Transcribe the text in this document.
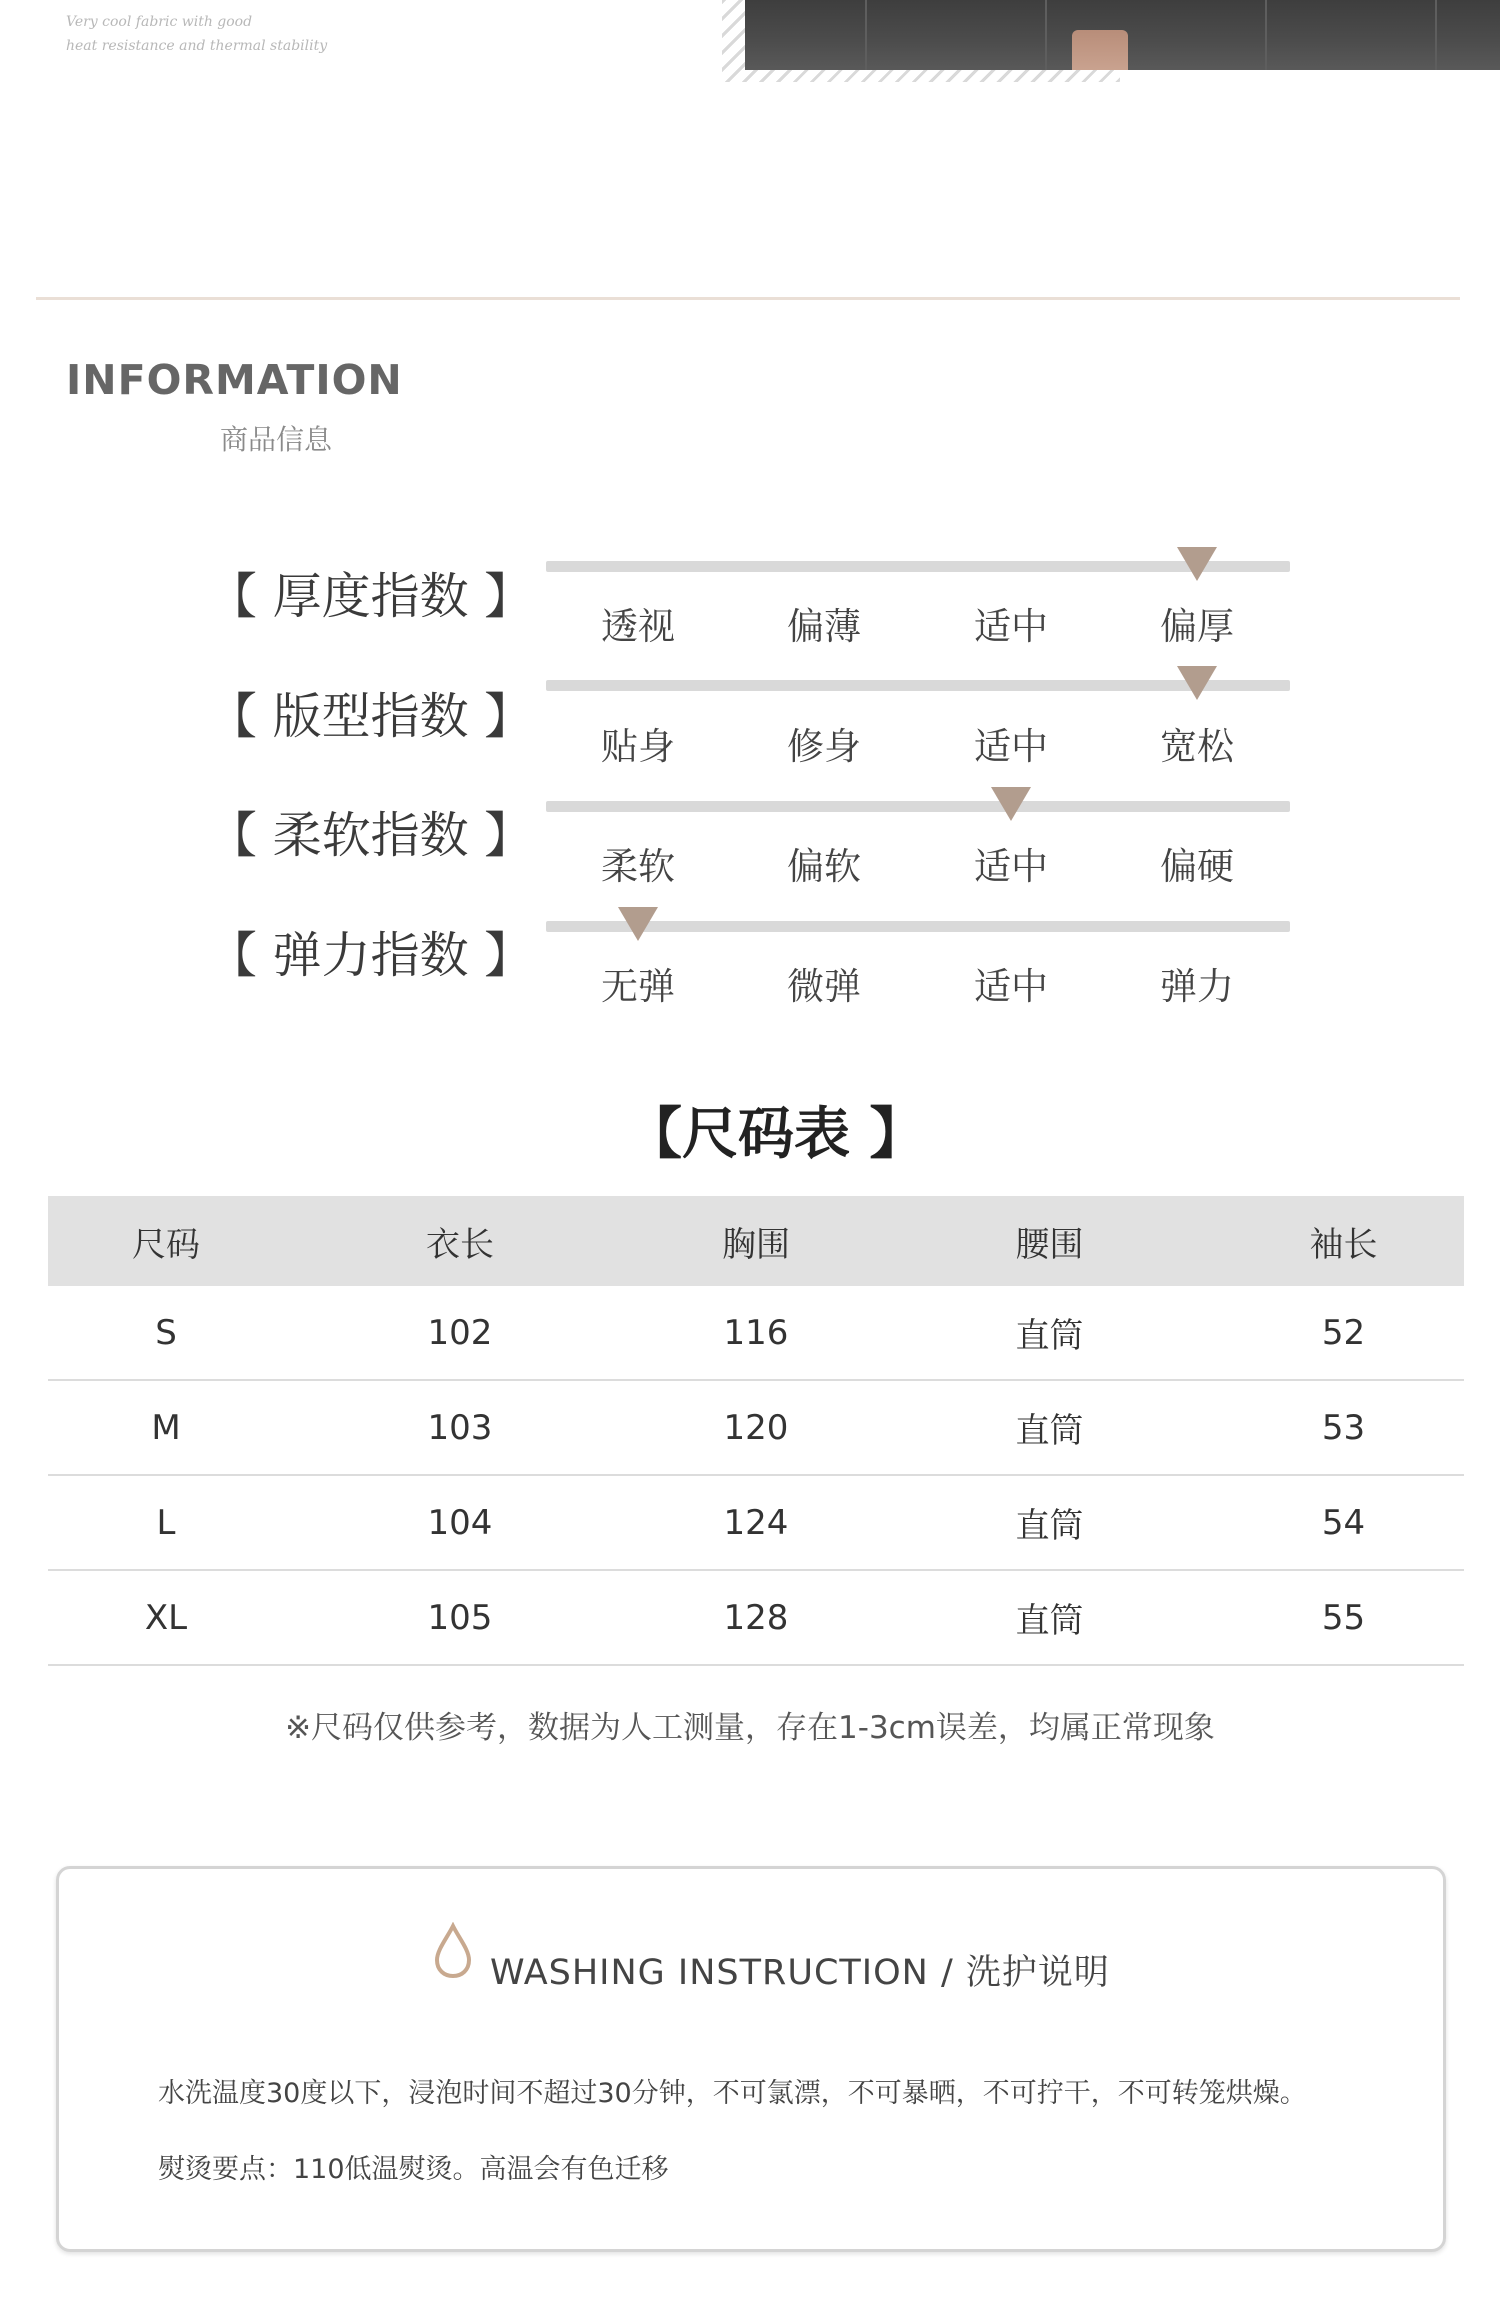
Very cool fabric with good
heat resistance and thermal stability
INFORMATION
商品信息
【 厚度指数 】
透视	偏薄	适中	偏厚
【 版型指数 】
贴身	修身	适中	宽松
【 柔软指数 】
柔软	偏软	适中	偏硬
【 弹力指数 】
无弹	微弹	适中	弹力
【尺码表 】
尺码	衣长	胸围	腰围	袖长
S	102	116	直筒	52
M	103	120	直筒	53
L	104	124	直筒	54
XL	105	128	直筒	55
※尺码仅供参考，数据为人工测量，存在1-3cm误差，均属正常现象
WASHING INSTRUCTION / 洗护说明
水洗温度30度以下，浸泡时间不超过30分钟，不可氯漂，不可暴晒，不可拧干，不可转笼烘燥。
熨烫要点：110低温熨烫。高温会有色迁移
